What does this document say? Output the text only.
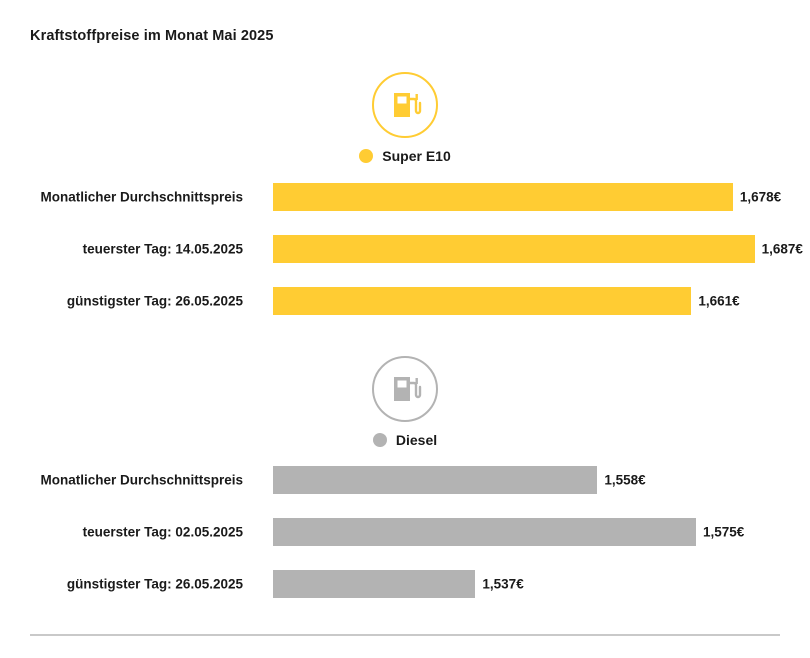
Kraftstoffpreise im Monat Mai 2025
Super E10
Monatlicher Durchschnittspreis	1,678€
teuerster Tag: 14.05.2025	1,687€
günstigster Tag: 26.05.2025	1,661€
Diesel
Monatlicher Durchschnittspreis	1,558€
teuerster Tag: 02.05.2025	1,575€
günstigster Tag: 26.05.2025	1,537€
